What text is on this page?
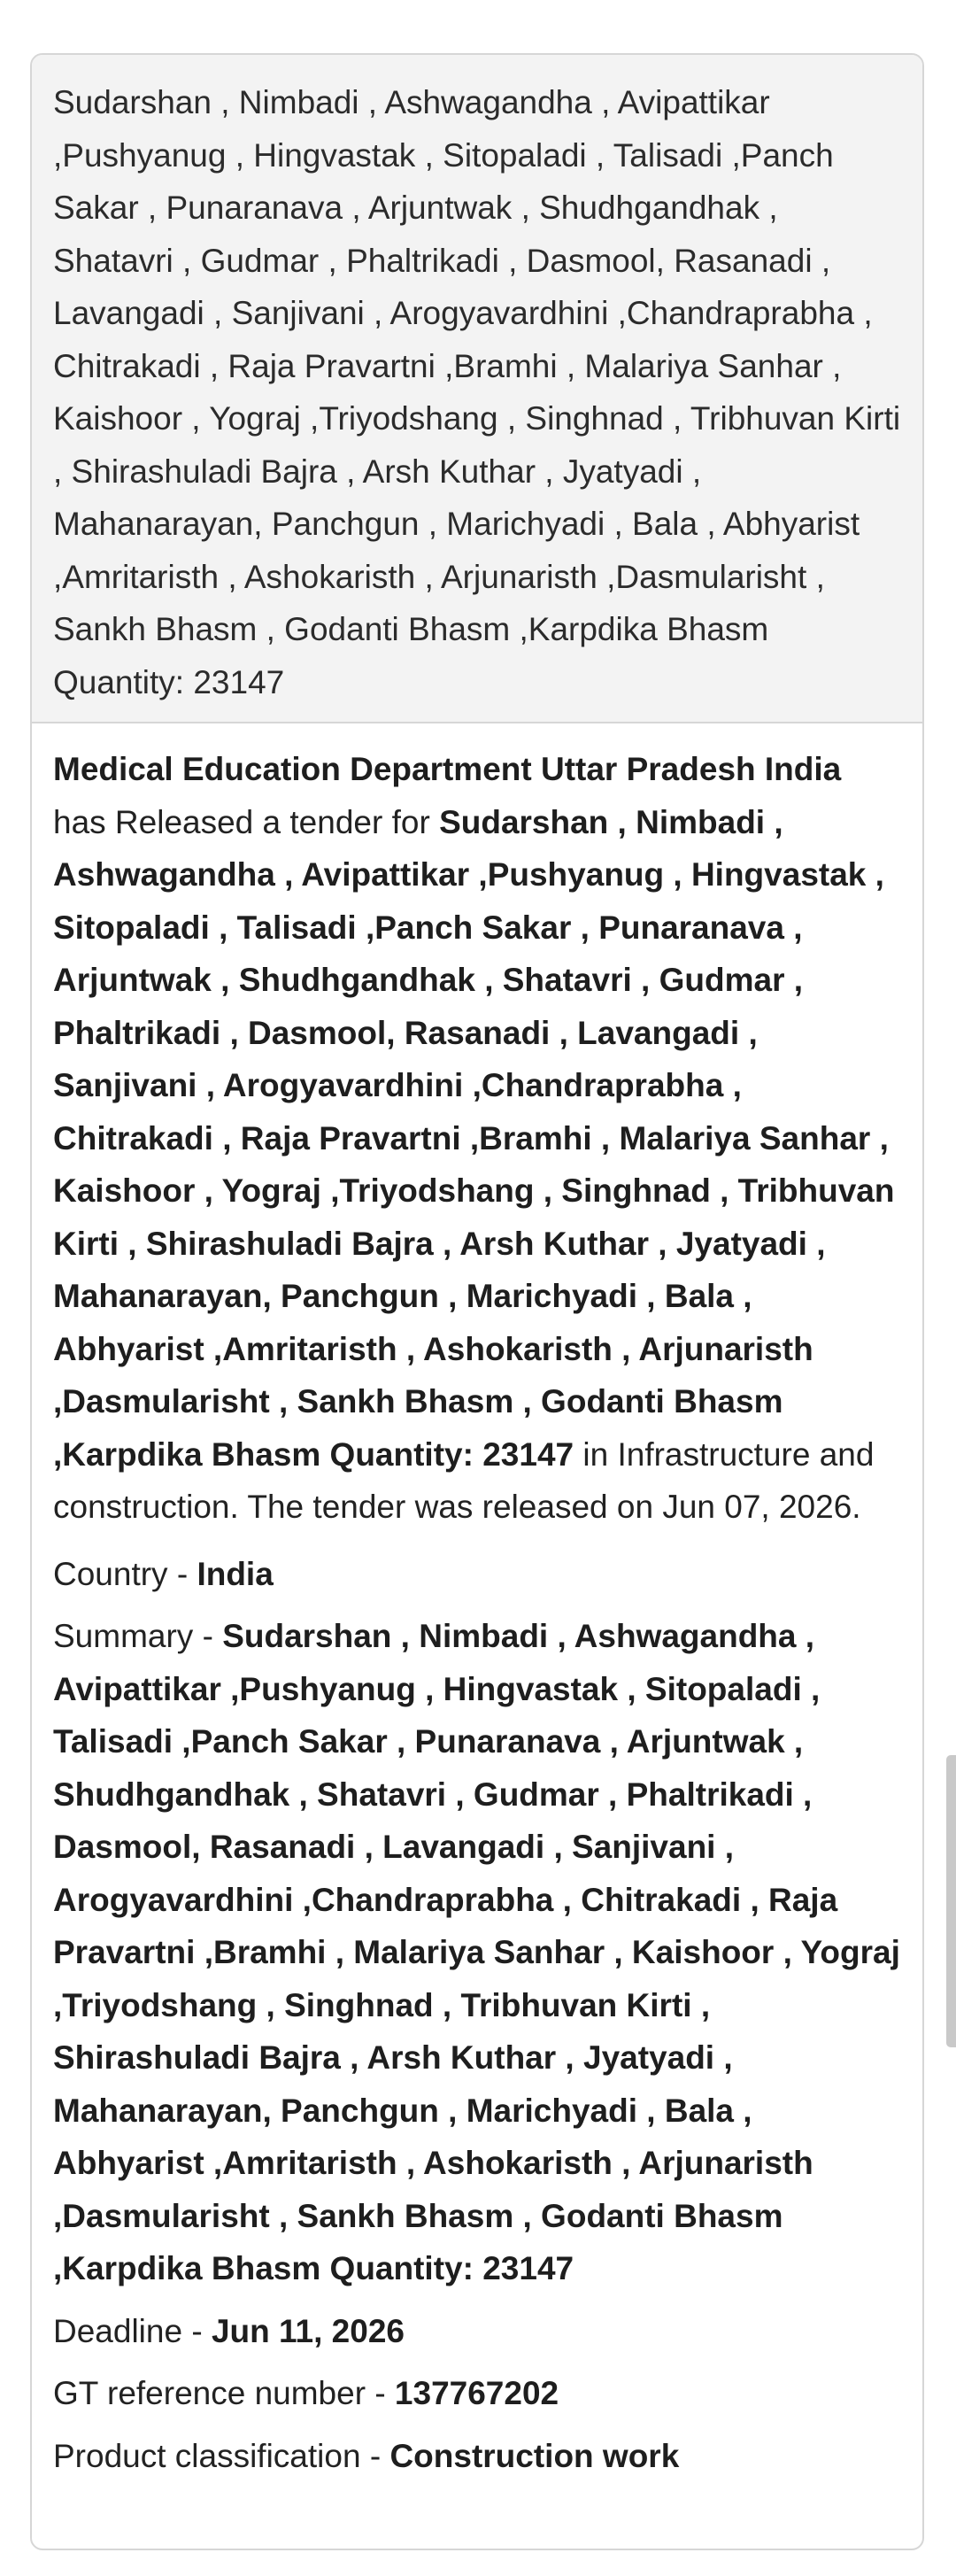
Sudarshan , Nimbadi , Ashwagandha , Avipattikar ,Pushyanug , Hingvastak , Sitopaladi , Talisadi ,Panch Sakar , Punaranava , Arjuntwak , Shudhgandhak , Shatavri , Gudmar , Phaltrikadi , Dasmool, Rasanadi , Lavangadi , Sanjivani , Arogyavardhini ,Chandraprabha , Chitrakadi , Raja Pravartni ,Bramhi , Malariya Sanhar , Kaishoor , Yograj ,Triyodshang , Singhnad , Tribhuvan Kirti , Shirashuladi Bajra , Arsh Kuthar , Jyatyadi , Mahanarayan, Panchgun , Marichyadi , Bala , Abhyarist ,Amritaristh , Ashokaristh , Arjunaristh ,Dasmularisht , Sankh Bhasm , Godanti Bhasm ,Karpdika Bhasm Quantity: 23147

Medical Education Department Uttar Pradesh India has Released a tender for Sudarshan , Nimbadi , Ashwagandha , Avipattikar ,Pushyanug , Hingvastak , Sitopaladi , Talisadi ,Panch Sakar , Punaranava , Arjuntwak , Shudhgandhak , Shatavri , Gudmar , Phaltrikadi , Dasmool, Rasanadi , Lavangadi , Sanjivani , Arogyavardhini ,Chandraprabha , Chitrakadi , Raja Pravartni ,Bramhi , Malariya Sanhar , Kaishoor , Yograj ,Triyodshang , Singhnad , Tribhuvan Kirti , Shirashuladi Bajra , Arsh Kuthar , Jyatyadi , Mahanarayan, Panchgun , Marichyadi , Bala , Abhyarist ,Amritaristh , Ashokaristh , Arjunaristh ,Dasmularisht , Sankh Bhasm , Godanti Bhasm ,Karpdika Bhasm Quantity: 23147 in Infrastructure and construction. The tender was released on Jun 07, 2026.

Country - India

Summary - Sudarshan , Nimbadi , Ashwagandha , Avipattikar ,Pushyanug , Hingvastak , Sitopaladi , Talisadi ,Panch Sakar , Punaranava , Arjuntwak , Shudhgandhak , Shatavri , Gudmar , Phaltrikadi , Dasmool, Rasanadi , Lavangadi , Sanjivani , Arogyavardhini ,Chandraprabha , Chitrakadi , Raja Pravartni ,Bramhi , Malariya Sanhar , Kaishoor , Yograj ,Triyodshang , Singhnad , Tribhuvan Kirti , Shirashuladi Bajra , Arsh Kuthar , Jyatyadi , Mahanarayan, Panchgun , Marichyadi , Bala , Abhyarist ,Amritaristh , Ashokaristh , Arjunaristh ,Dasmularisht , Sankh Bhasm , Godanti Bhasm ,Karpdika Bhasm Quantity: 23147

Deadline - Jun 11, 2026

GT reference number - 137767202

Product classification - Construction work
